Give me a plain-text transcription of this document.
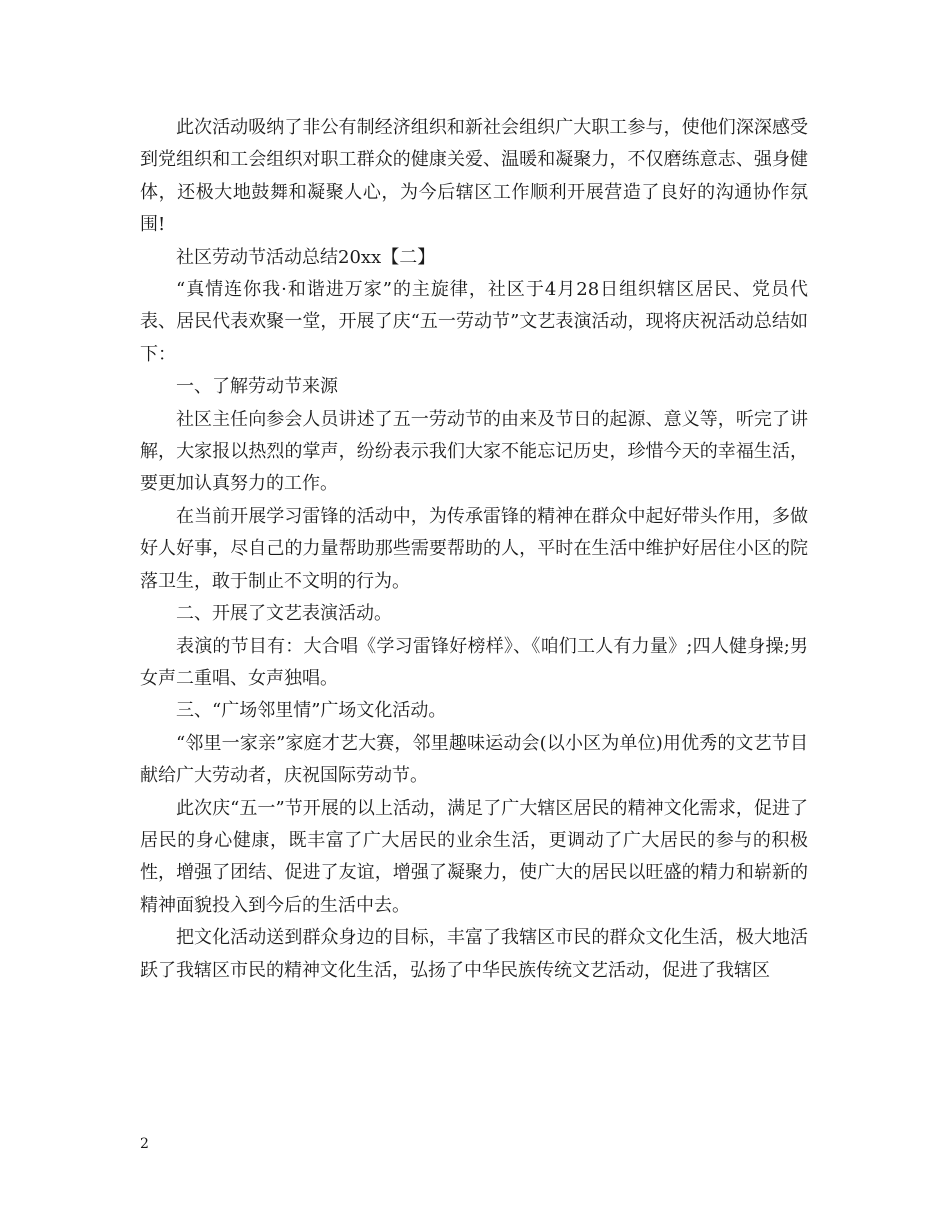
此次活动吸纳了非公有制经济组织和新社会组织广大职工参与，使他们深深感受到党组织和工会组织对职工群众的健康关爱、温暖和凝聚力，不仅磨练意志、强身健体，还极大地鼓舞和凝聚人心，为今后辖区工作顺利开展营造了良好的沟通协作氛围!

社区劳动节活动总结20xx【二】

“真情连你我·和谐进万家”的主旋律，社区于4月28日组织辖区居民、党员代表、居民代表欢聚一堂，开展了庆“五一劳动节”文艺表演活动，现将庆祝活动总结如下：

一、了解劳动节来源

社区主任向参会人员讲述了五一劳动节的由来及节日的起源、意义等，听完了讲解，大家报以热烈的掌声，纷纷表示我们大家不能忘记历史，珍惜今天的幸福生活，要更加认真努力的工作。

在当前开展学习雷锋的活动中，为传承雷锋的精神在群众中起好带头作用，多做好人好事，尽自己的力量帮助那些需要帮助的人，平时在生活中维护好居住小区的院落卫生，敢于制止不文明的行为。

二、开展了文艺表演活动。

表演的节目有：大合唱《学习雷锋好榜样》、《咱们工人有力量》;四人健身操;男女声二重唱、女声独唱。

三、“广场邻里情”广场文化活动。

“邻里一家亲”家庭才艺大赛，邻里趣味运动会(以小区为单位)用优秀的文艺节目献给广大劳动者，庆祝国际劳动节。

此次庆“五一”节开展的以上活动，满足了广大辖区居民的精神文化需求，促进了居民的身心健康，既丰富了广大居民的业余生活，更调动了广大居民的参与的积极性，增强了团结、促进了友谊，增强了凝聚力，使广大的居民以旺盛的精力和崭新的精神面貌投入到今后的生活中去。

把文化活动送到群众身边的目标，丰富了我辖区市民的群众文化生活，极大地活跃了我辖区市民的精神文化生活，弘扬了中华民族传统文艺活动，促进了我辖区

2
